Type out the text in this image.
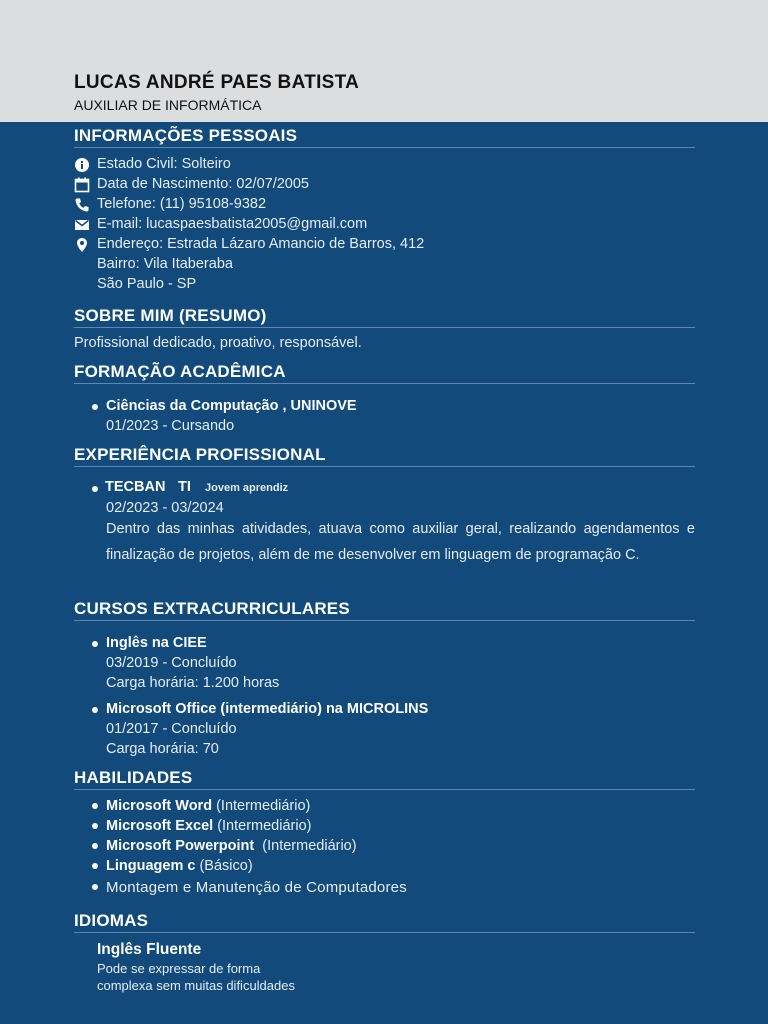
LUCAS ANDRÉ PAES BATISTA
AUXILIAR DE INFORMÁTICA
INFORMAÇÕES PESSOAIS
Estado Civil: Solteiro
Data de Nascimento: 02/07/2005
Telefone: (11) 95108-9382
E-mail: lucaspaesbatista2005@gmail.com
Endereço: Estrada Lázaro Amancio de Barros, 412
Bairro: Vila Itaberaba
São Paulo - SP
SOBRE MIM (RESUMO)
Profissional dedicado, proativo, responsável.
FORMAÇÃO ACADÊMICA
Ciências da Computação , UNINOVE
01/2023 - Cursando
EXPERIÊNCIA PROFISSIONAL
TECBAN TI Jovem aprendiz
02/2023 - 03/2024
Dentro das minhas atividades, atuava como auxiliar geral, realizando agendamentos e finalização de projetos, além de me desenvolver em linguagem de programação C.
CURSOS EXTRACURRICULARES
Inglês na CIEE
03/2019 - Concluído
Carga horária: 1.200 horas
Microsoft Office (intermediário) na MICROLINS
01/2017 - Concluído
Carga horária: 70
HABILIDADES
Microsoft Word (Intermediário)
Microsoft Excel (Intermediário)
Microsoft Powerpoint  (Intermediário)
Linguagem c (Básico)
Montagem e Manutenção de Computadores
IDIOMAS
Inglês Fluente
Pode se expressar de forma
complexa sem muitas dificuldades
